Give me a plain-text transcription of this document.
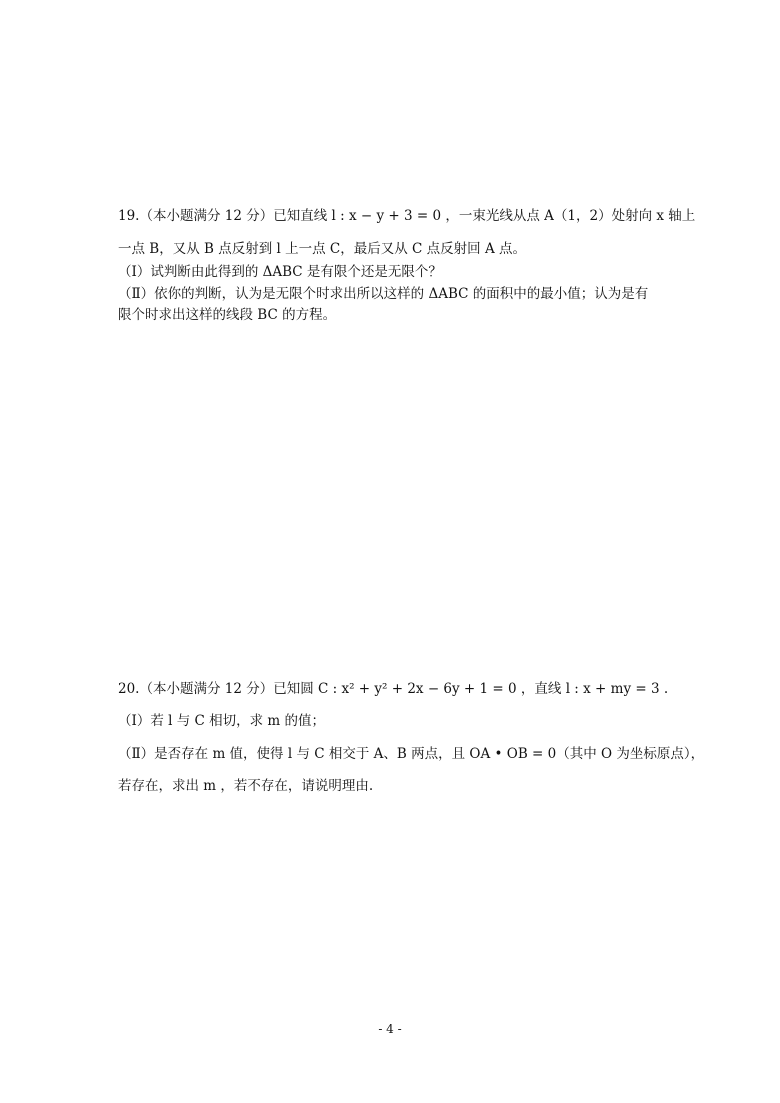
19.（本小题满分 12 分）已知直线 l : x − y + 3 = 0 ，一束光线从点 A（1，2）处射向 x 轴上
一点 B，又从 B 点反射到 l 上一点 C，最后又从 C 点反射回 A 点。
（Ⅰ）试判断由此得到的 ΔABC 是有限个还是无限个？
（Ⅱ）依你的判断，认为是无限个时求出所以这样的 ΔABC 的面积中的最小值；认为是有
限个时求出这样的线段 BC 的方程。
20.（本小题满分 12 分）已知圆 C : x² + y² + 2x − 6y + 1 = 0 ，直线 l : x + my = 3 .
（Ⅰ）若 l 与 C 相切，求 m 的值；
（Ⅱ）是否存在 m 值，使得 l 与 C 相交于 A、B 两点，且 OA • OB = 0（其中 O 为坐标原点），
若存在，求出 m ，若不存在，请说明理由.
- 4 -
